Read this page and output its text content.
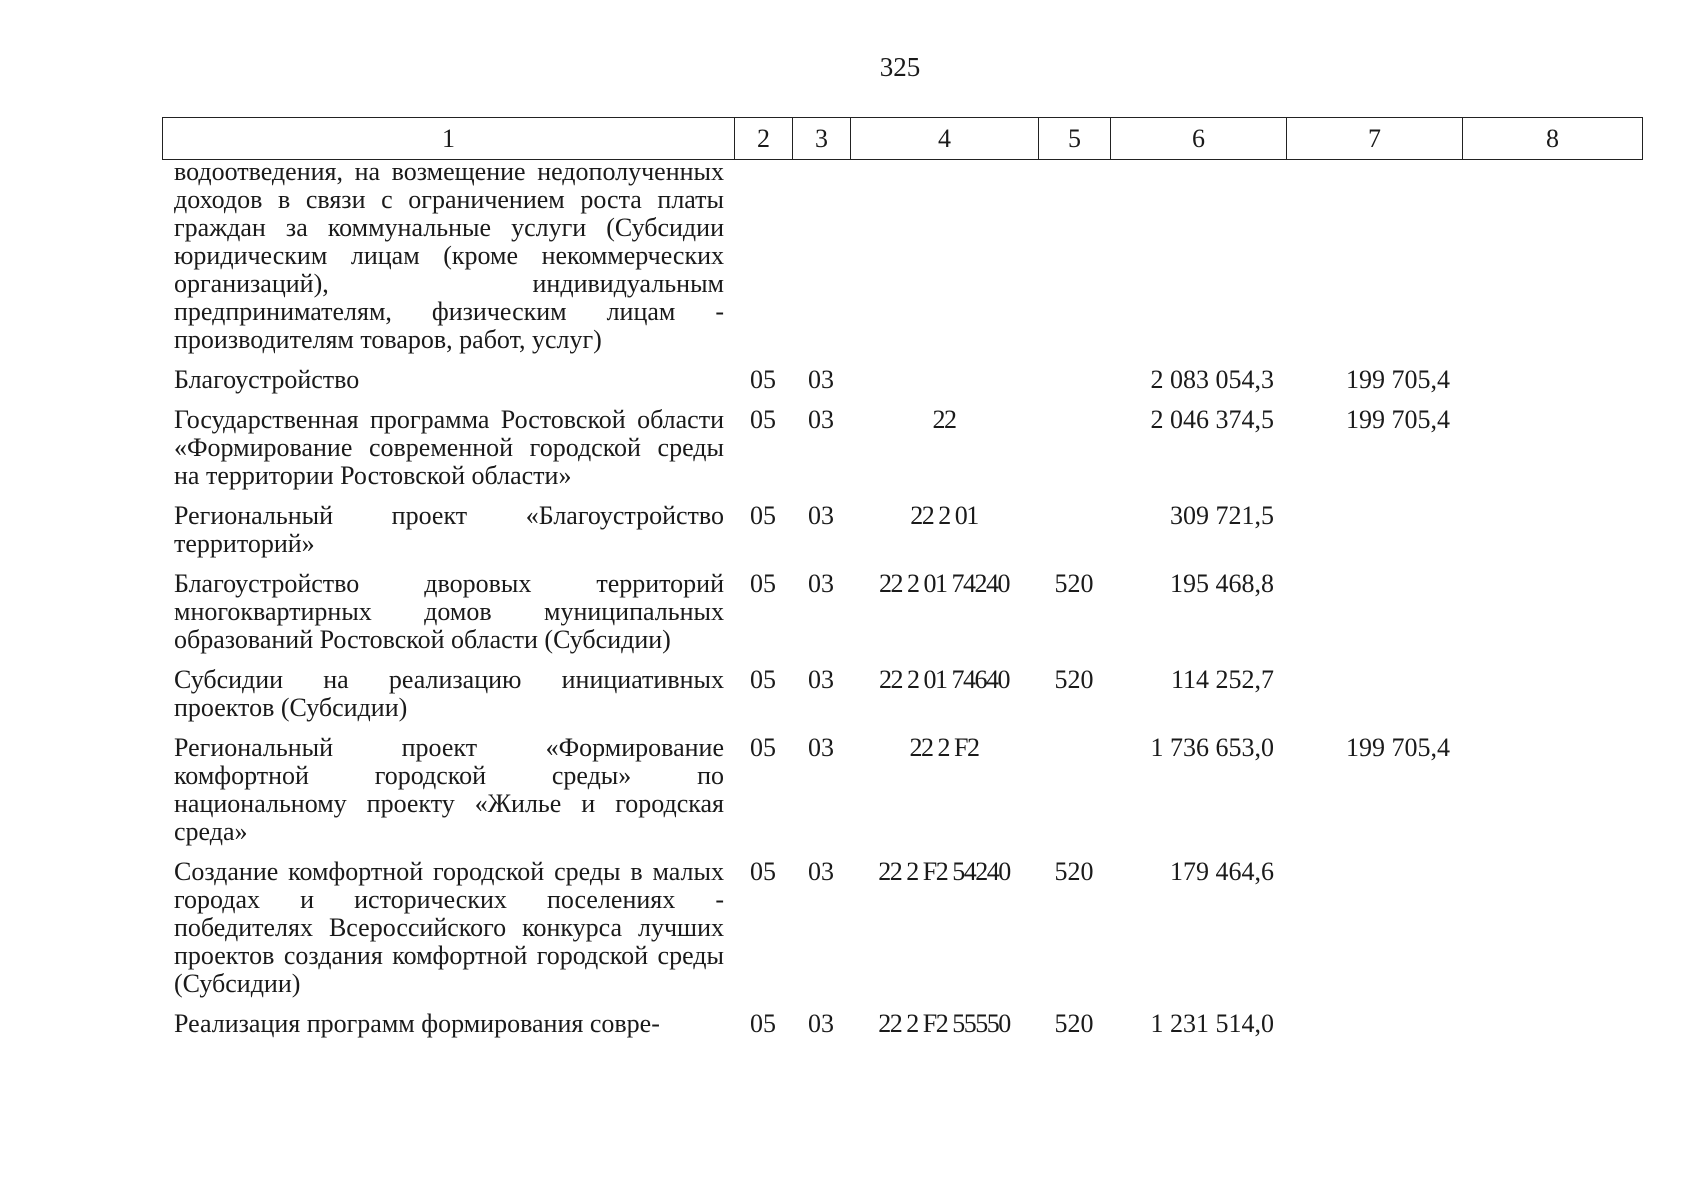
325
1	2	3	4	5	6	7	8
водоотведения, на возмещение недополученных доходов в связи с ограничением роста платы граждан за коммунальные услуги (Субсидии юридическим лицам (кроме некоммерческих организаций), индивидуальным предпринимателям, физическим лицам - производителям товаров, работ, услуг)							
Благоустройство	05	03			2 083 054,3	199 705,4	
Государственная программа Ростовской области «Формирование современной городской среды на территории Ростовской области»	05	03	22		2 046 374,5	199 705,4	
Региональный проект «Благоустройство территорий»	05	03	22 2 01		309 721,5		
Благоустройство дворовых территорий многоквартирных домов муниципальных образований Ростовской области (Субсидии)	05	03	22 2 01 74240	520	195 468,8		
Субсидии на реализацию инициативных проектов (Субсидии)	05	03	22 2 01 74640	520	114 252,7		
Региональный проект «Формирование комфортной городской среды» по национальному проекту «Жилье и городская среда»	05	03	22 2 F2		1 736 653,0	199 705,4	
Создание комфортной городской среды в малых городах и исторических поселениях - победителях Всероссийского конкурса лучших проектов создания комфортной городской среды (Субсидии)	05	03	22 2 F2 54240	520	179 464,6		
Реализация программ формирования совре-	05	03	22 2 F2 55550	520	1 231 514,0		
